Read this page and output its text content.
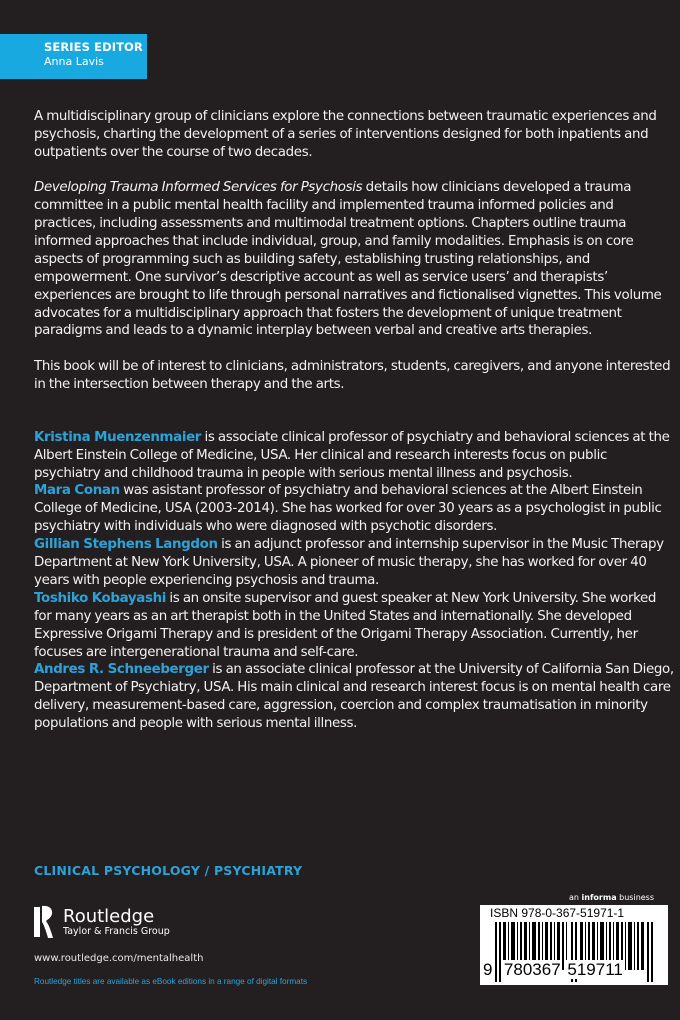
SERIES EDITOR
Anna Lavis

A multidisciplinary group of clinicians explore the connections between traumatic experiences and psychosis, charting the development of a series of interventions designed for both inpatients and outpatients over the course of two decades.

Developing Trauma Informed Services for Psychosis details how clinicians developed a trauma committee in a public mental health facility and implemented trauma informed policies and practices, including assessments and multimodal treatment options. Chapters outline trauma informed approaches that include individual, group, and family modalities. Emphasis is on core aspects of programming such as building safety, establishing trusting relationships, and empowerment. One survivor’s descriptive account as well as service users’ and therapists’ experiences are brought to life through personal narratives and fictionalised vignettes. This volume advocates for a multidisciplinary approach that fosters the development of unique treatment paradigms and leads to a dynamic interplay between verbal and creative arts therapies.

This book will be of interest to clinicians, administrators, students, caregivers, and anyone interested in the intersection between therapy and the arts.

Kristina Muenzenmaier is associate clinical professor of psychiatry and behavioral sciences at the Albert Einstein College of Medicine, USA. Her clinical and research interests focus on public psychiatry and childhood trauma in people with serious mental illness and psychosis.

Mara Conan was asistant professor of psychiatry and behavioral sciences at the Albert Einstein College of Medicine, USA (2003-2014). She has worked for over 30 years as a psychologist in public psychiatry with individuals who were diagnosed with psychotic disorders.

Gillian Stephens Langdon is an adjunct professor and internship supervisor in the Music Therapy Department at New York University, USA. A pioneer of music therapy, she has worked for over 40 years with people experiencing psychosis and trauma.

Toshiko Kobayashi is an onsite supervisor and guest speaker at New York University. She worked for many years as an art therapist both in the United States and internationally. She developed Expressive Origami Therapy and is president of the Origami Therapy Association. Currently, her focuses are intergenerational trauma and self-care.

Andres R. Schneeberger is an associate clinical professor at the University of California San Diego, Department of Psychiatry, USA. His main clinical and research interest focus is on mental health care delivery, measurement-based care, aggression, coercion and complex traumatisation in minority populations and people with serious mental illness.

CLINICAL PSYCHOLOGY / PSYCHIATRY
Routledge
Taylor & Francis Group
www.routledge.com/mentalhealth
Routledge titles are available as eBook editions in a range of digital formats
an informa business
ISBN 978-0-367-51971-1
9 780367 519711
